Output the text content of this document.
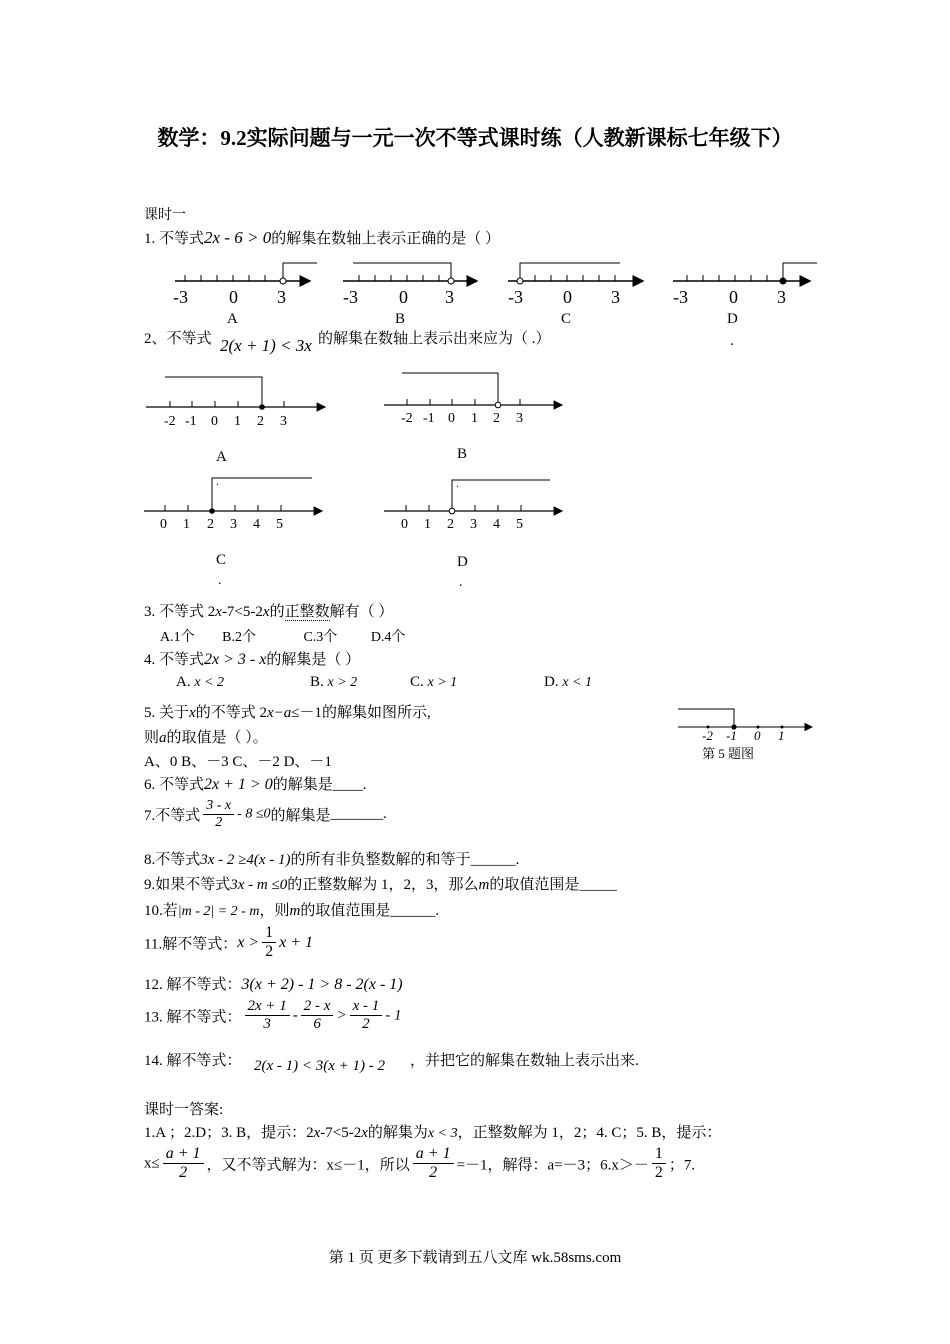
数学：9.2实际问题与一元一次不等式课时练（人教新课标七年级下）
课时一
1. 不等式2x - 6 > 0的解集在数轴上表示正确的是（ ）
-3 0 3
A
-3 0 3
B
-3 0 3
C
-3 0 3
D
2、不等式 2(x + 1) < 3x 的解集在数轴上表示出来应为（ .）	.
-2 -1 0 1 2 3
A
-2 -1 0 1 2 3
B
.
0 1 2 3 4 5
C
.
.
0 1 2 3 4 5
D
.
3. 不等式 2x-7<5-2x的正整数解有（ ）
A.1个 B.2个	C.3个 D.4个
4. 不等式2x > 3 - x的解集是（ ）
A. x < 2	B. x > 2	C. x > 1	D. x < 1
5. 关于x的不等式 2x−a≤－1的解集如图所示,
则a的取值是（ ）。
A、0 B、－3 C、－2 D、－1
-2 -1 0 1
第 5 题图
6. 不等式2x + 1 > 0的解集是____.
7.不等式 $\frac{3 - x}{2} - 8 \le 0$的解集是_______.
8.不等式3x - 2 ≥4(x - 1)的所有非负整数解的和等于______.
9.如果不等式3x - m ≤0的正整数解为 1，2，3，那么m的取值范围是_____
10.若|m - 2| = 2 - m，则m的取值范围是______.
11.解不等式：$x > \frac{1}{2}$ x + 1
12. 解不等式：3(x + 2) - 1 > 8 - 2(x - 1)
13. 解不等式： $\frac{2x + 1}{3} - \frac{2 - x}{6} > \frac{x - 1}{2} - 1$
14. 解不等式： 2(x - 1) < 3(x + 1) - 2 ，并把它的解集在数轴上表示出来.
课时一答案:
1.A ；2.D；3. B，提示：2x-7<5-2x的解集为x < 3，正整数解为 1，2；4. C；5. B，提示：
$x\le \frac{a + 1}{2}$ ，又不等式解为：x≤－1，所以 $\frac{a + 1}{2} =-1$，解得：a=－3；$6.x>- \frac{1}{2}$ ；7.
第 1 页 更多下载请到五八文库 wk.58sms.com
